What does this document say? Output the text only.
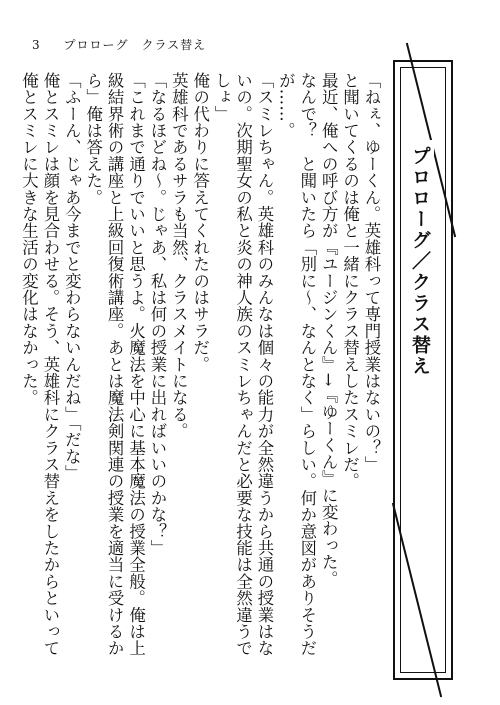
3 プロローグ　クラス替え
プロローグ／クラス替え

「ねぇ、ゆーくん。英雄科って専門授業はないの？」

と聞いてくるのは俺と一緒にクラス替えしたスミレだ。

最近、俺への呼び方が『ユージンくん』→『ゆーくん』に変わった。

なんで？　と聞いたら「別に～、なんとなく」らしい。何か意図がありそうだが……。

「スミレちゃん。英雄科のみんなは個々の能力が全然違うから共通の授業はないの。次期聖女の私と炎の神人族のスミレちゃんだと必要な技能は全然違うでしょ」

俺の代わりに答えてくれたのはサラだ。

英雄科であるサラも当然、クラスメイトになる。

「なるほどね～。じゃあ、私は何の授業に出ればいいのかな？」

「これまで通りでいいと思うよ。火魔法を中心に基本魔法の授業全般。俺は上級結界術の講座と上級回復術講座。あとは魔法剣関連の授業を適当に受けるから」俺は答えた。

「ふーん、じゃあ今までと変わらないんだね」「だな」

俺とスミレは顔を見合わせる。そう、英雄科にクラス替えをしたからといって俺とスミレに大きな生活の変化はなかった。
